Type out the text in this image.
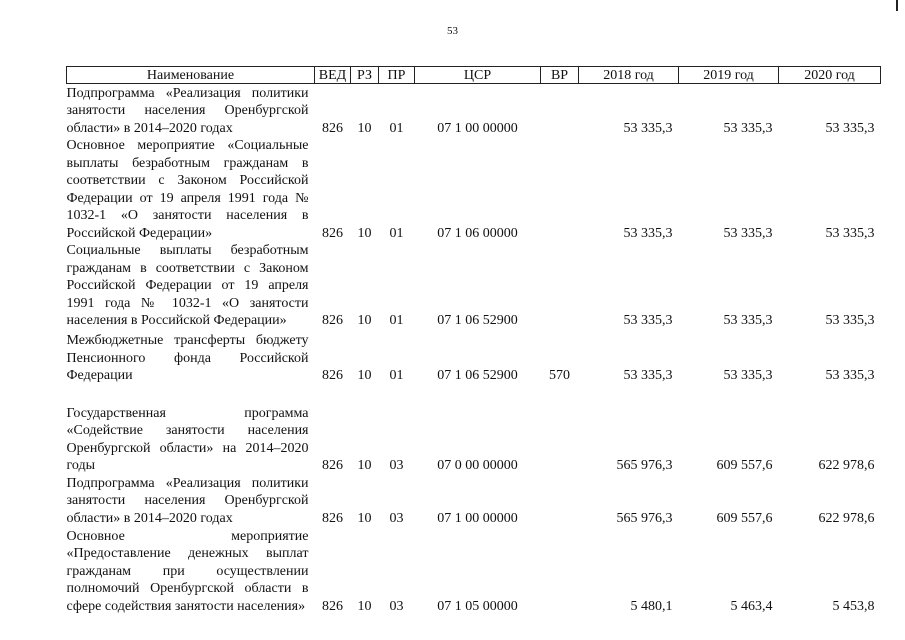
53
Наименование	ВЕД	РЗ	ПР	ЦСР	ВР	2018 год	2019 год	2020 год
Подпрограмма «Реализация политики занятости населения Оренбургской области» в 2014–2020 годах	826	10	01	07 1 00 00000		53 335,3	53 335,3	53 335,3
Основное мероприятие «Социальные выплаты безработным гражданам в соответствии с Законом Российской Федерации от 19 апреля 1991 года № 1032-1 «О занятости населения в Российской Федерации»	826	10	01	07 1 06 00000		53 335,3	53 335,3	53 335,3
Социальные выплаты безработным гражданам в соответствии с Законом Российской Федерации от 19 апреля 1991 года № 1032-1 «О занятости населения в Российской Федерации»	826	10	01	07 1 06 52900		53 335,3	53 335,3	53 335,3
Межбюджетные трансферты бюджету Пенсионного фонда Российской Федерации	826	10	01	07 1 06 52900	570	53 335,3	53 335,3	53 335,3
Государственная программа «Содействие занятости населения Оренбургской области» на 2014–2020 годы	826	10	03	07 0 00 00000		565 976,3	609 557,6	622 978,6
Подпрограмма «Реализация политики занятости населения Оренбургской области» в 2014–2020 годах	826	10	03	07 1 00 00000		565 976,3	609 557,6	622 978,6
Основное мероприятие «Предоставление денежных выплат гражданам при осуществлении полномочий Оренбургской области в сфере содействия занятости населения»	826	10	03	07 1 05 00000		5 480,1	5 463,4	5 453,8
